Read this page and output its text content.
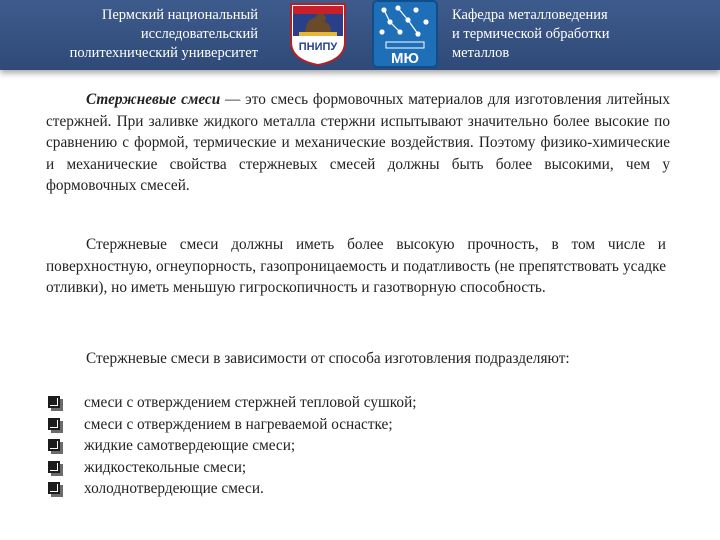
Пермский национальный
исследовательский
политехнический университет	ПНИПУ
МЮ
Кафедра металловедения
и термической обработки
металлов

Стержневые смеси — это смесь формовочных материалов для изготовления литейных стержней. При заливке жидкого металла стержни испытывают значительно более высокие по сравнению с формой, термические и механические воздействия. Поэтому физико-химические и механические свойства стержневых смесей должны быть более высокими, чем у формовочных смесей.

Стержневые смеси должны иметь более высокую прочность, в том числе и поверхностную, огнеупорность, газопроницаемость и податливость (не препятствовать усадке отливки), но иметь меньшую гигроскопичность и газотворную способность.

Стержневые смеси в зависимости от способа изготовления подразделяют:

смеси с отверждением стержней тепловой сушкой;
смеси с отверждением в нагреваемой оснастке;
жидкие самотвердеющие смеси;
жидкостекольные смеси;
холоднотвердеющие смеси.
